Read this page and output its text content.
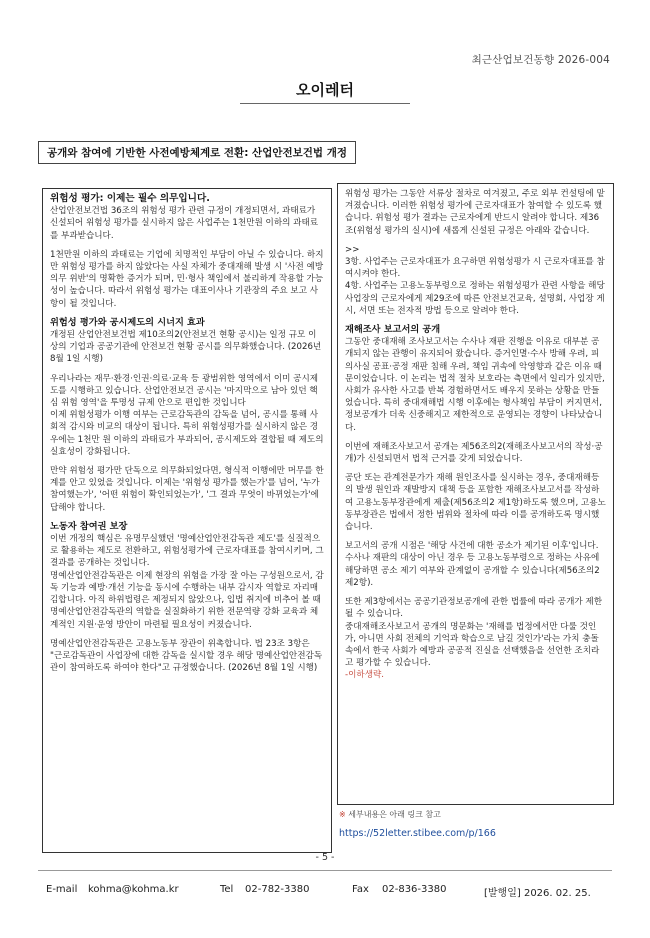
최근산업보건동향 2026-004
오이레터
공개와 참여에 기반한 사전예방체계로 전환: 산업안전보건법 개정
위험성 평가: 이제는 필수 의무입니다.

산업안전보건법 36조의 위험성 평가 관련 규정이 개정되면서, 과태료가 신설되어 위험성 평가를 실시하지 않은 사업주는 1천만원 이하의 과태료를 부과받습니다.

1천만원 이하의 과태료는 기업에 치명적인 부담이 아닐 수 있습니다. 하지만 위험성 평가를 하지 않았다는 사실 자체가 중대재해 발생 시 '사전 예방의무 위반'의 명확한 증거가 되며, 민·형사 책임에서 불리하게 작용할 가능성이 높습니다. 따라서 위험성 평가는 대표이사나 기관장의 주요 보고 사항이 될 것입니다.

위험성 평가와 공시제도의 시너지 효과

개정된 산업안전보건법 제10조의2(안전보건 현황 공시)는 일정 규모 이상의 기업과 공공기관에 안전보건 현황 공시를 의무화했습니다. (2026년 8월 1일 시행)

우리나라는 재무·환경·인권·의료·교육 등 광범위한 영역에서 이미 공시제도를 시행하고 있습니다. 산업안전보건 공시는 '마지막으로 남아 있던 핵심 위험 영역'을 투명성 규제 안으로 편입한 것입니다

이제 위험성평가 이행 여부는 근로감독관의 감독을 넘어, 공시를 통해 사회적 감시와 비교의 대상이 됩니다. 특히 위험성평가를 실시하지 않은 경우에는 1천만 원 이하의 과태료가 부과되어, 공시제도와 결합될 때 제도의 실효성이 강화됩니다.

만약 위험성 평가만 단독으로 의무화되었다면, 형식적 이행에만 머무를 한계를 안고 있었을 것입니다. 이제는 '위험성 평가를 했는가'를 넘어, '누가 참여했는가', '어떤 위험이 확인되었는가', '그 결과 무엇이 바뀌었는가'에 답해야 합니다.

노동자 참여권 보장

이번 개정의 핵심은 유명무실했던 '명예산업안전감독관 제도'를 실질적으로 활용하는 제도로 전환하고, 위험성평가에 근로자대표를 참여시키며, 그 결과를 공개하는 것입니다.

명예산업안전감독관은 이제 현장의 위험을 가장 잘 아는 구성원으로서, 감독 기능과 예방·개선 기능을 동시에 수행하는 내부 감시자 역할로 자리매김합니다. 아직 하위법령은 제정되지 않았으나, 입법 취지에 비추어 볼 때 명예산업안전감독관의 역할을 실질화하기 위한 전문역량 강화 교육과 체계적인 지원·운영 방안이 마련될 필요성이 커졌습니다.

명예산업안전감독관은 고용노동부 장관이 위촉합니다. 법 23조 3항은 "근로감독관이 사업장에 대한 감독을 실시할 경우 해당 명예산업안전감독관이 참여하도록 하여야 한다"고 규정했습니다. (2026년 8월 1일 시행)

위험성 평가는 그동안 서류상 절차로 여겨졌고, 주로 외부 컨설팅에 맡겨졌습니다. 이러한 위험성 평가에 근로자대표가 참여할 수 있도록 했습니다. 위험성 평가 결과는 근로자에게 반드시 알려야 합니다. 제36조(위험성 평가의 실시)에 새롭게 신설된 규정은 아래와 같습니다.

>>

3항. 사업주는 근로자대표가 요구하면 위험성평가 시 근로자대표를 참여시켜야 한다.

4항. 사업주는 고용노동부령으로 정하는 위험성평가 관련 사항을 해당 사업장의 근로자에게 제29조에 따른 안전보건교육, 설명회, 사업장 게시, 서면 또는 전자적 방법 등으로 알려야 한다.

재해조사 보고서의 공개

그동안 중대재해 조사보고서는 수사나 재판 진행을 이유로 대부분 공개되지 않는 관행이 유지되어 왔습니다. 증거인멸·수사 방해 우려, 피의사실 공표·공정 재판 침해 우려, 책임 귀속에 악영향과 같은 이유 때문이었습니다. 이 논리는 법적 절차 보호라는 측면에서 일리가 있지만, 사회가 유사한 사고를 반복 경험하면서도 배우지 못하는 상황을 만들었습니다. 특히 중대재해법 시행 이후에는 형사책임 부담이 커지면서, 정보공개가 더욱 신중해지고 제한적으로 운영되는 경향이 나타났습니다.

이번에 재해조사보고서 공개는 제56조의2(재해조사보고서의 작성·공개)가 신설되면서 법적 근거를 갖게 되었습니다.

공단 또는 관계전문가가 재해 원인조사를 실시하는 경우, 중대재해등의 발생 원인과 재발방지 대책 등을 포함한 재해조사보고서를 작성하여 고용노동부장관에게 제출(제56조의2 제1항)하도록 했으며, 고용노동부장관은 법에서 정한 범위와 절차에 따라 이를 공개하도록 명시했습니다.

보고서의 공개 시점은 '해당 사건에 대한 공소가 제기된 이후'입니다. 수사나 재판의 대상이 아닌 경우 등 고용노동부령으로 정하는 사유에 해당하면 공소 제기 여부와 관계없이 공개할 수 있습니다(제56조의2 제2항).

또한 제3항에서는 공공기관정보공개에 관한 법률에 따라 공개가 제한될 수 있습니다.

중대재해조사보고서 공개의 명문화는 '재해를 법정에서만 다룰 것인가, 아니면 사회 전체의 기억과 학습으로 남길 것인가'라는 가치 충돌 속에서 한국 사회가 예방과 공공적 진실을 선택했음을 선언한 조치라고 평가할 수 있습니다.

-이하생략.

※ 세부내용은 아래 링크 참고
https://52letter.stibee.com/p/166
- 5 -
E-mail kohma@kohma.kr	Tel 02-782-3380	Fax 02-836-3380	[발행일] 2026. 02. 25.
